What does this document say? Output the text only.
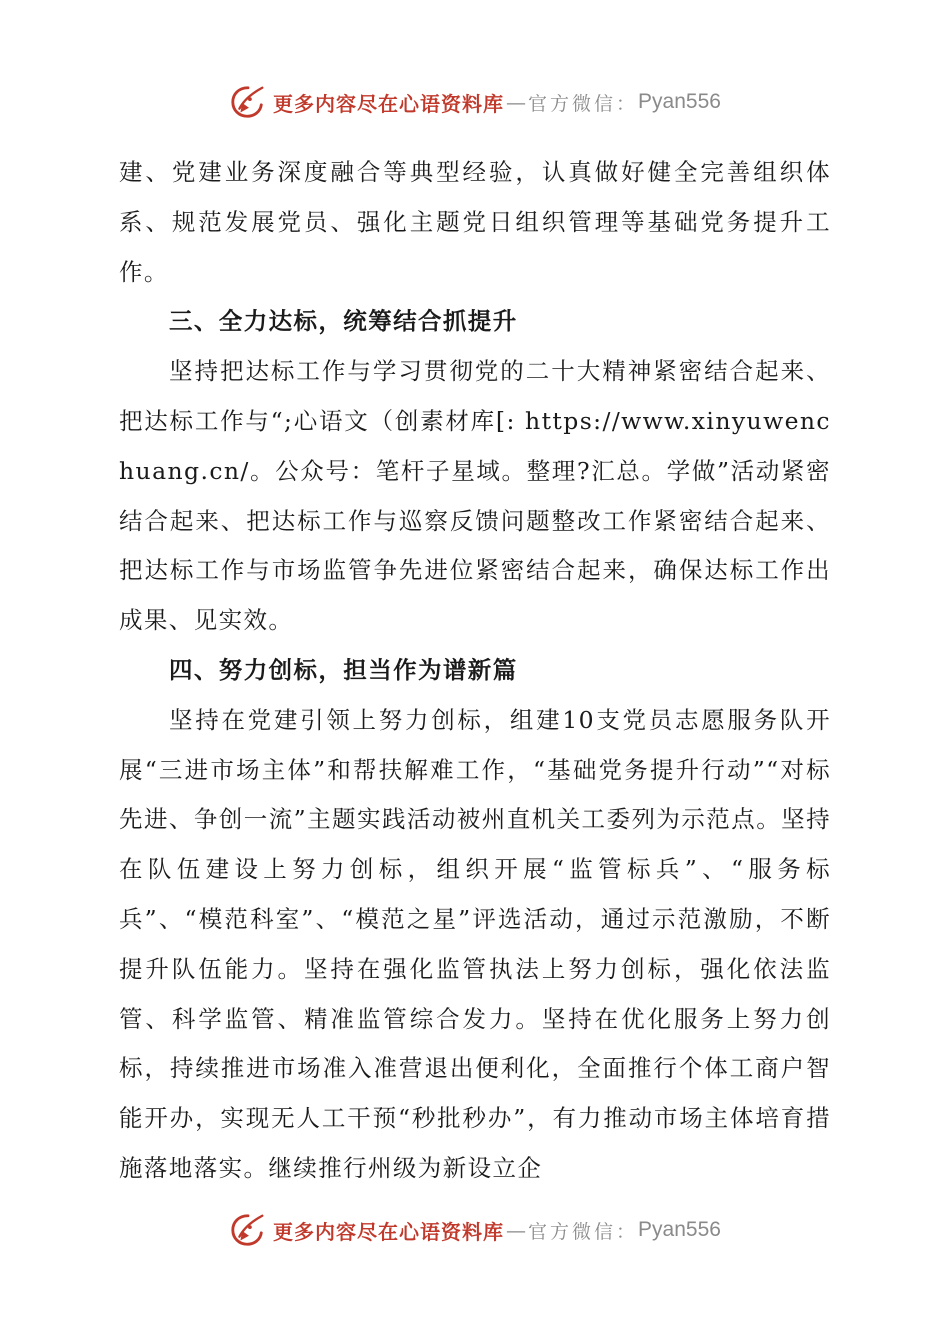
更多内容尽在心语资料库 — 官方微信： Pyan556

建、党建业务深度融合等典型经验，认真做好健全完善组织体系、规范发展党员、强化主题党日组织管理等基础党务提升工作。

三、全力达标，统筹结合抓提升

坚持把达标工作与学习贯彻党的二十大精神紧密结合起来、把达标工作与“;心语文（创素材库[: https://www.xinyuwenchuang.cn/。公众号：笔杆子星域。整理?汇总。学做”活动紧密结合起来、把达标工作与巡察反馈问题整改工作紧密结合起来、把达标工作与市场监管争先进位紧密结合起来，确保达标工作出成果、见实效。

四、努力创标，担当作为谱新篇

坚持在党建引领上努力创标，组建10支党员志愿服务队开展“三进市场主体”和帮扶解难工作，“基础党务提升行动”“对标先进、争创一流”主题实践活动被州直机关工委列为示范点。坚持在队伍建设上努力创标，组织开展“监管标兵”、“服务标兵”、“模范科室”、“模范之星”评选活动，通过示范激励，不断提升队伍能力。坚持在强化监管执法上努力创标，强化依法监管、科学监管、精准监管综合发力。坚持在优化服务上努力创标，持续推进市场准入准营退出便利化，全面推行个体工商户智能开办，实现无人工干预“秒批秒办”，有力推动市场主体培育措施落地落实。继续推行州级为新设立企

更多内容尽在心语资料库 — 官方微信： Pyan556
